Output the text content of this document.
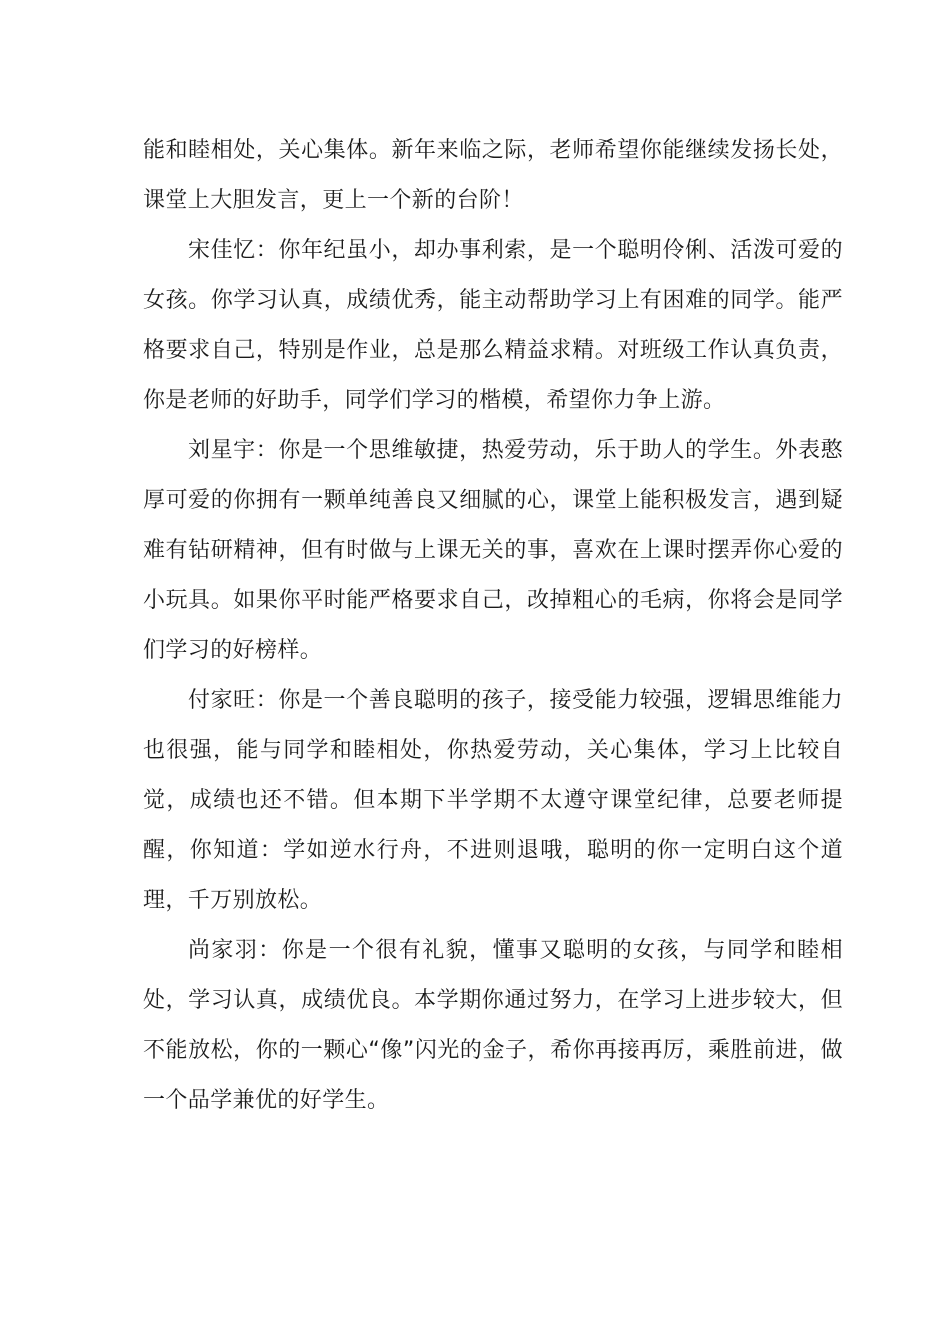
能和睦相处，关心集体。新年来临之际，老师希望你能继续发扬长处，课堂上大胆发言，更上一个新的台阶！

宋佳忆：你年纪虽小，却办事利索，是一个聪明伶俐、活泼可爱的女孩。你学习认真，成绩优秀，能主动帮助学习上有困难的同学。能严格要求自己，特别是作业，总是那么精益求精。对班级工作认真负责，你是老师的好助手，同学们学习的楷模，希望你力争上游。

刘星宇：你是一个思维敏捷，热爱劳动，乐于助人的学生。外表憨厚可爱的你拥有一颗单纯善良又细腻的心，课堂上能积极发言，遇到疑难有钻研精神，但有时做与上课无关的事，喜欢在上课时摆弄你心爱的小玩具。如果你平时能严格要求自己，改掉粗心的毛病，你将会是同学们学习的好榜样。

付家旺：你是一个善良聪明的孩子，接受能力较强，逻辑思维能力也很强，能与同学和睦相处，你热爱劳动，关心集体，学习上比较自觉，成绩也还不错。但本期下半学期不太遵守课堂纪律，总要老师提醒，你知道：学如逆水行舟，不进则退哦，聪明的你一定明白这个道理，千万别放松。

尚家羽：你是一个很有礼貌，懂事又聪明的女孩，与同学和睦相处，学习认真，成绩优良。本学期你通过努力，在学习上进步较大，但不能放松，你的一颗心“像”闪光的金子，希你再接再厉，乘胜前进，做一个品学兼优的好学生。
